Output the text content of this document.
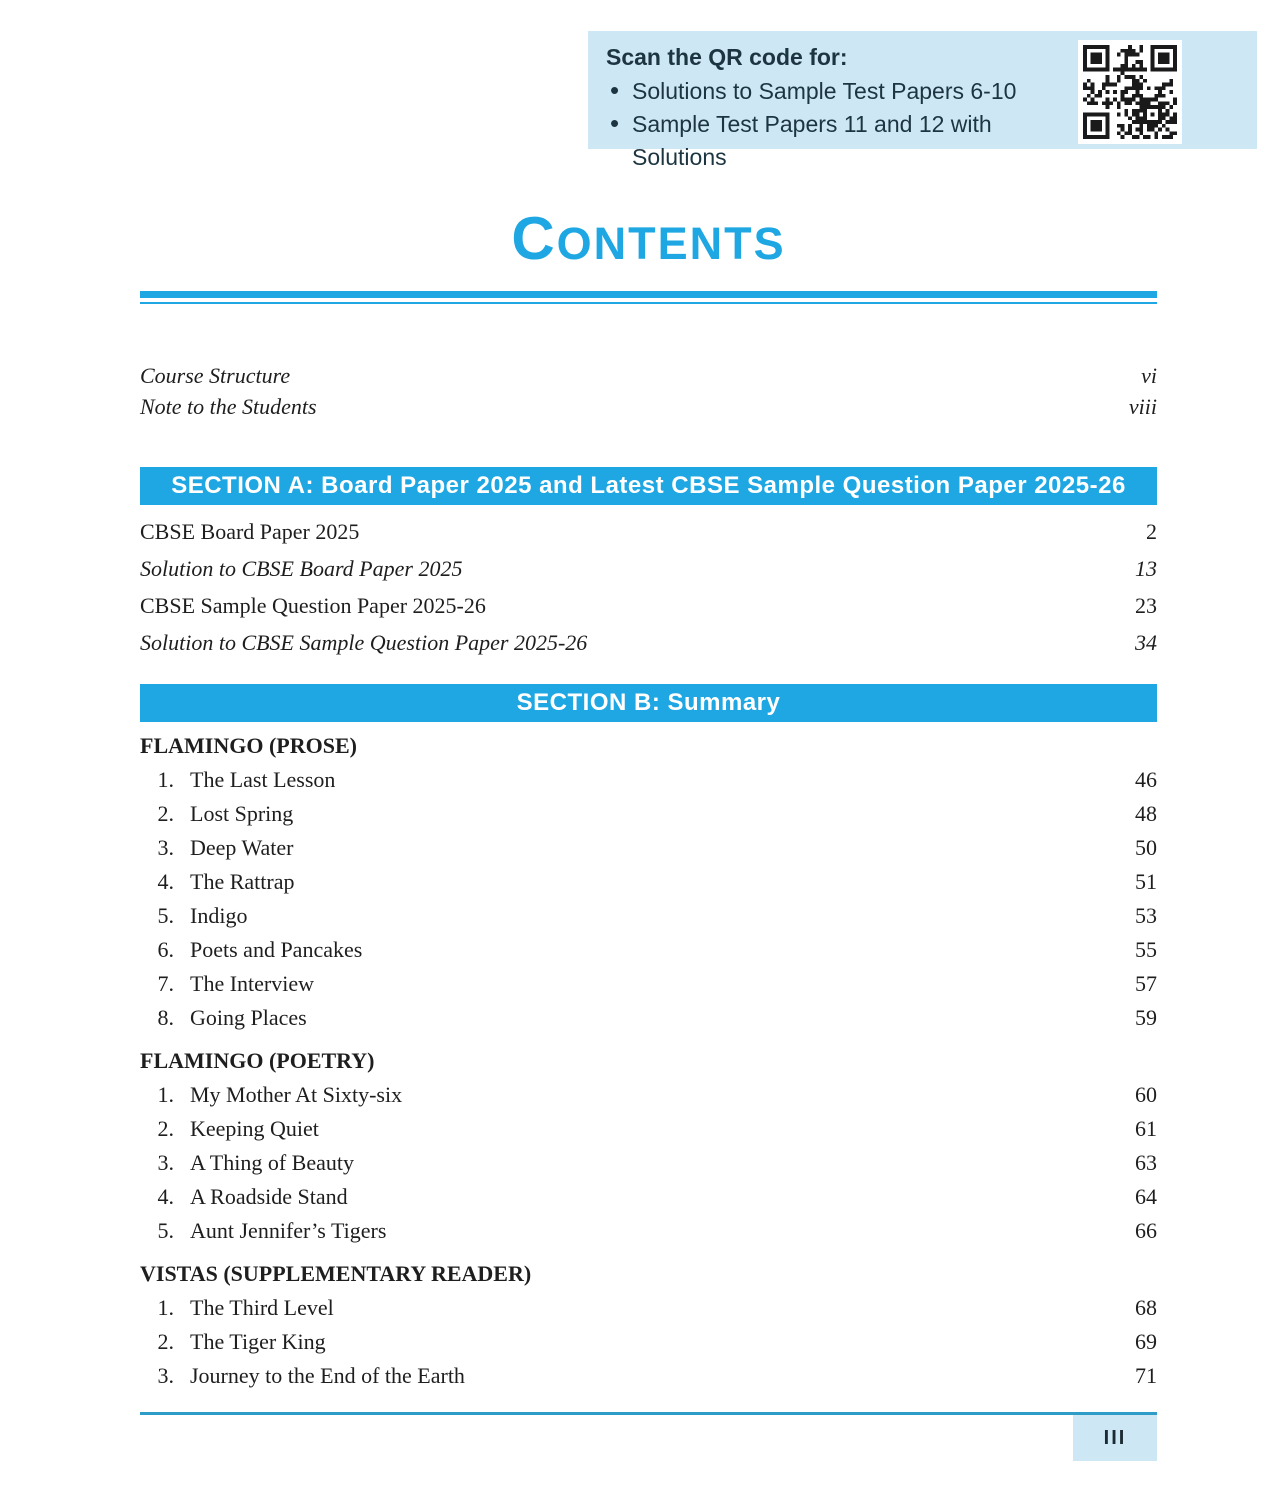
Scan the QR code for:
• Solutions to Sample Test Papers 6-10
• Sample Test Papers 11 and 12 with Solutions
CONTENTS
Course Structure	vi
Note to the Students	viii
SECTION A: Board Paper 2025 and Latest CBSE Sample Question Paper 2025-26
CBSE Board Paper 2025	2
Solution to CBSE Board Paper 2025	13
CBSE Sample Question Paper 2025-26	23
Solution to CBSE Sample Question Paper 2025-26	34
SECTION B: Summary
FLAMINGO (PROSE)
1. The Last Lesson	46
2. Lost Spring	48
3. Deep Water	50
4. The Rattrap	51
5. Indigo	53
6. Poets and Pancakes	55
7. The Interview	57
8. Going Places	59
FLAMINGO (POETRY)
1. My Mother At Sixty-six	60
2. Keeping Quiet	61
3. A Thing of Beauty	63
4. A Roadside Stand	64
5. Aunt Jennifer’s Tigers	66
VISTAS (SUPPLEMENTARY READER)
1. The Third Level	68
2. The Tiger King	69
3. Journey to the End of the Earth	71
III
